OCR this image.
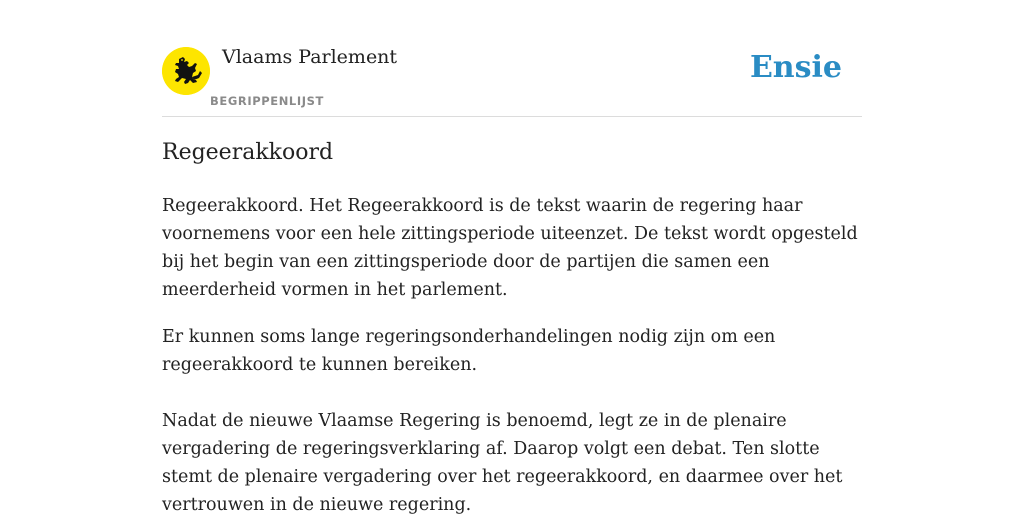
Vlaams Parlement
BEGRIPPENLIJST
Ensie
Regeerakkoord

Regeerakkoord. Het Regeerakkoord is de tekst waarin de regering haar voornemens voor een hele zittingsperiode uiteenzet. De tekst wordt opgesteld bij het begin van een zittingsperiode door de partijen die samen een meerderheid vormen in het parlement.

Er kunnen soms lange regeringsonderhandelingen nodig zijn om een regeerakkoord te kunnen bereiken.

Nadat de nieuwe Vlaamse Regering is benoemd, legt ze in de plenaire vergadering de regeringsverklaring af. Daarop volgt een debat. Ten slotte stemt de plenaire vergadering over het regeerakkoord, en daarmee over het vertrouwen in de nieuwe regering.
